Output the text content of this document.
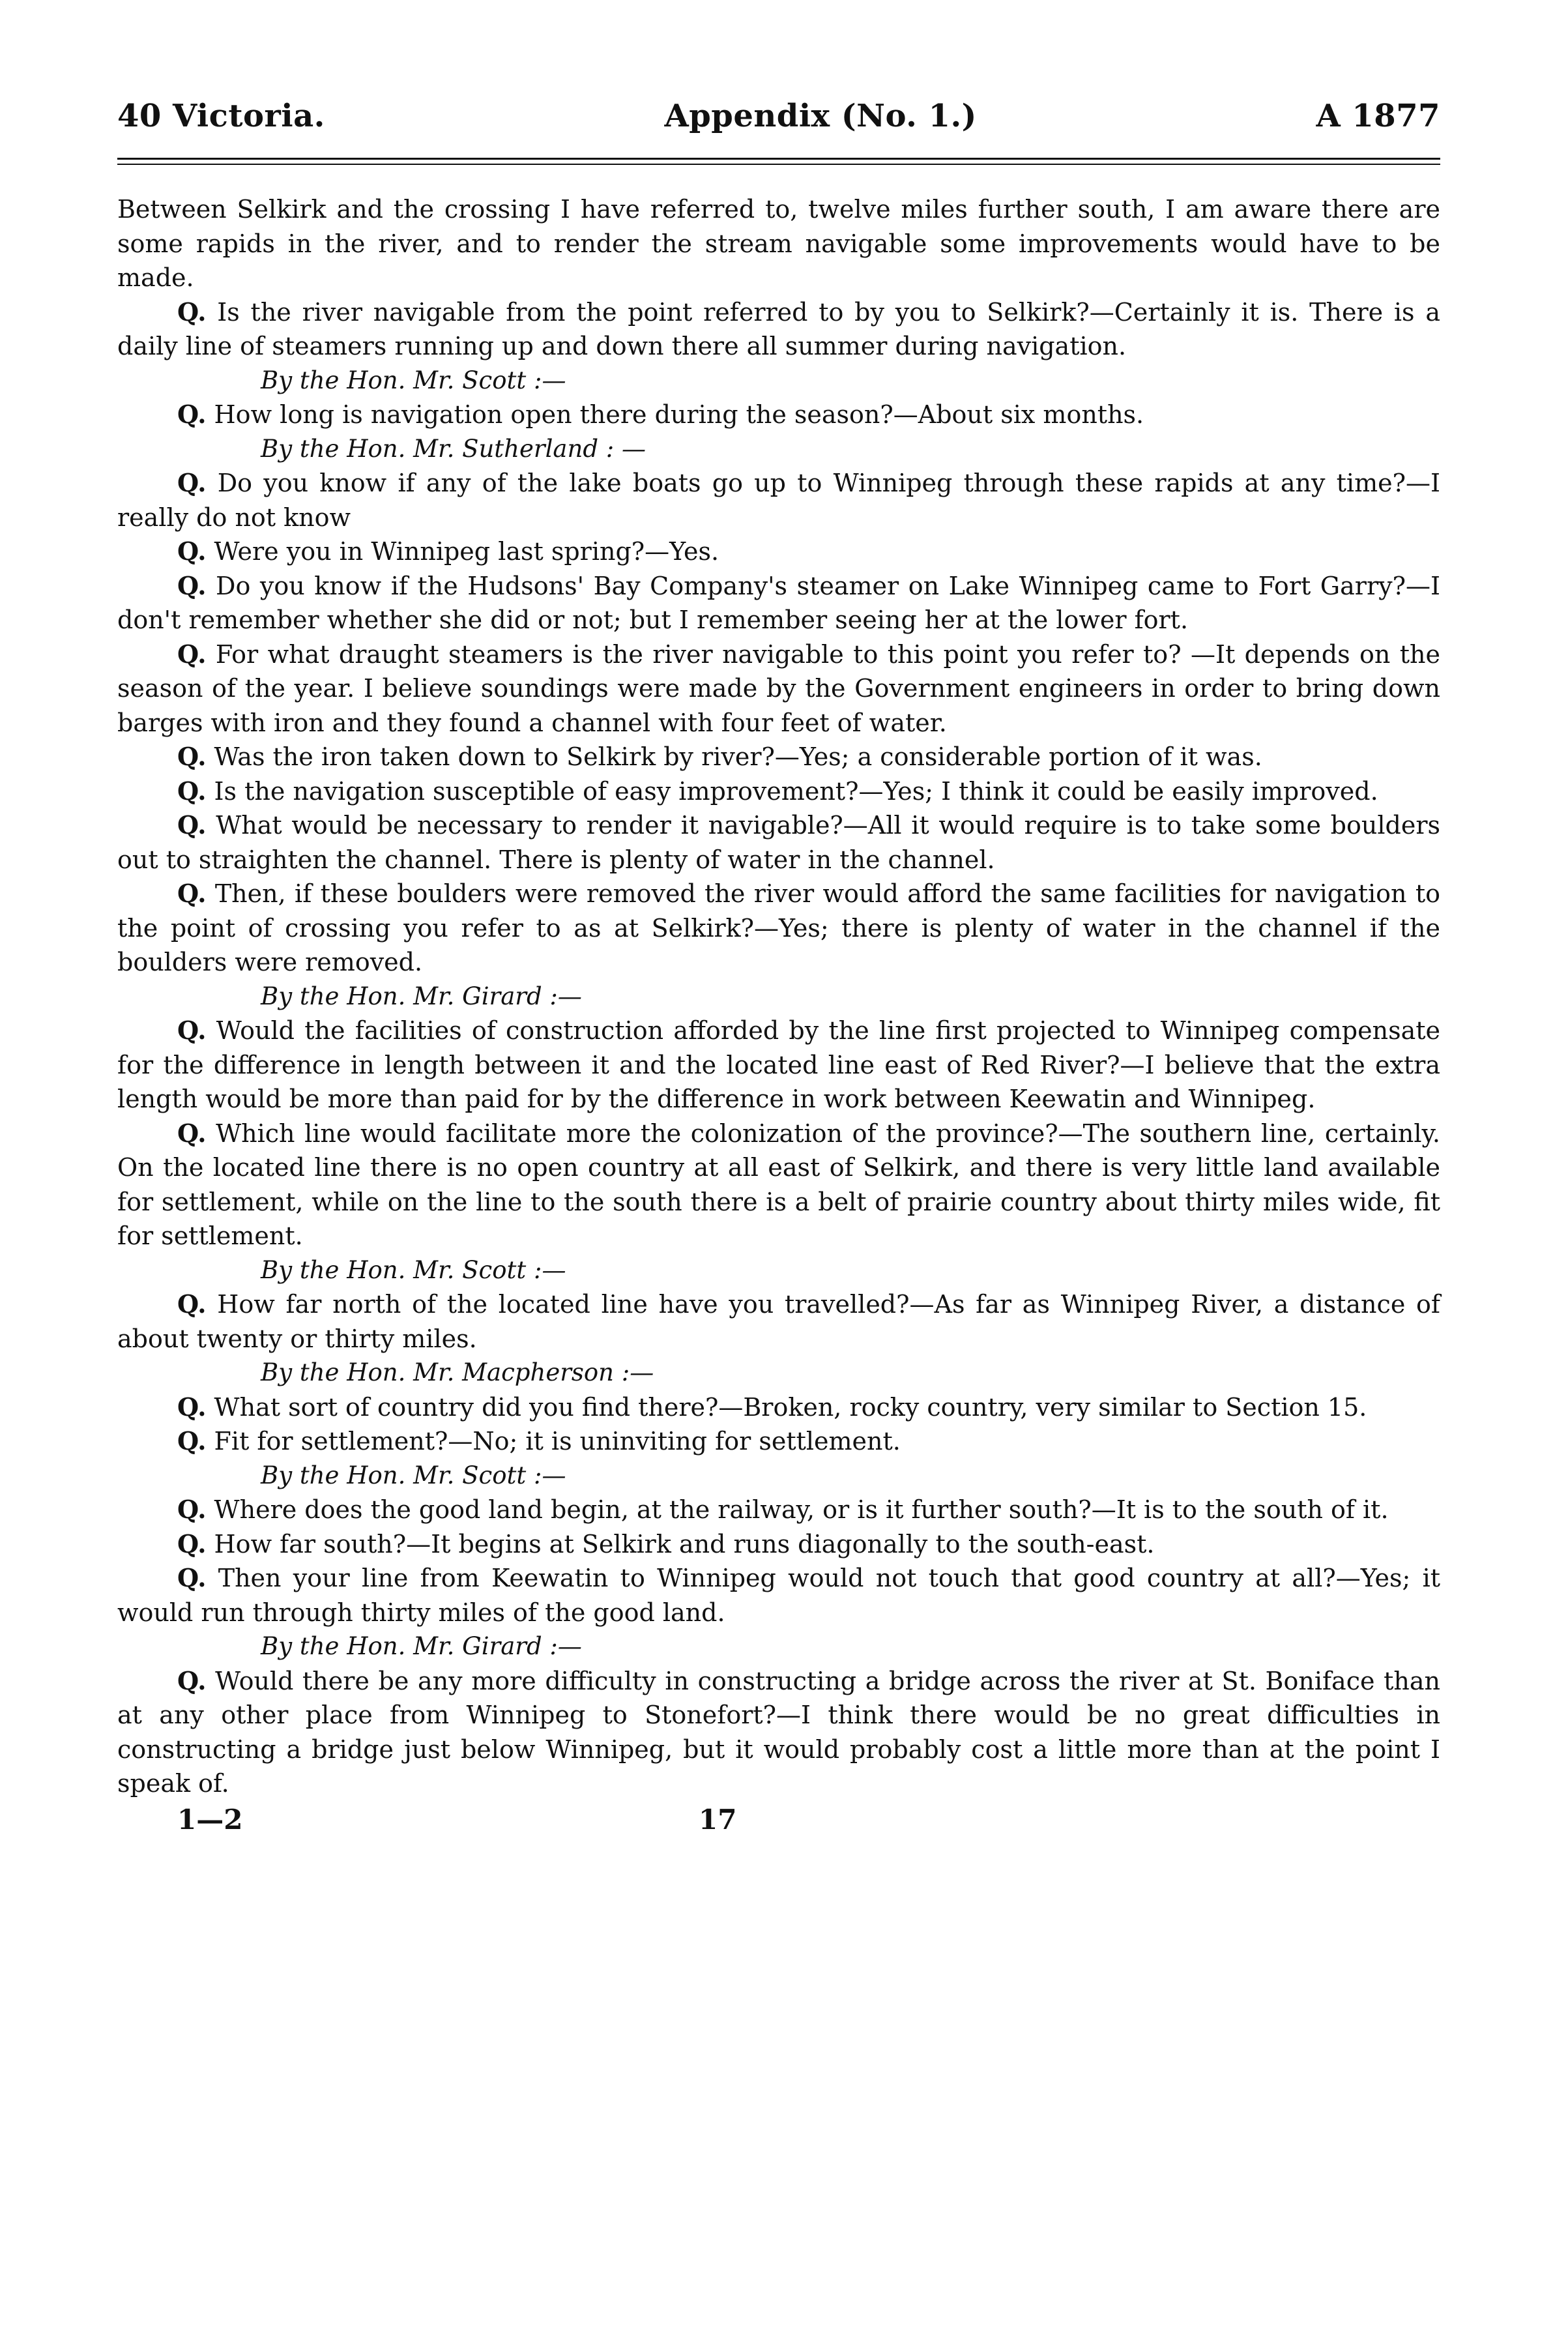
40 Victoria.	Appendix (No. 1.)	A 1877

Between Selkirk and the crossing I have referred to, twelve miles further south, I am aware there are some rapids in the river, and to render the stream navigable some improvements would have to be made.

Q. Is the river navigable from the point referred to by you to Selkirk?—Certainly it is. There is a daily line of steamers running up and down there all summer during navigation.

By the Hon. Mr. Scott :—

Q. How long is navigation open there during the season?—About six months.

By the Hon. Mr. Sutherland : —

Q. Do you know if any of the lake boats go up to Winnipeg through these rapids at any time?—I really do not know

Q. Were you in Winnipeg last spring?—Yes.

Q. Do you know if the Hudsons' Bay Company's steamer on Lake Winnipeg came to Fort Garry?—I don't remember whether she did or not; but I remember seeing her at the lower fort.

Q. For what draught steamers is the river navigable to this point you refer to? —It depends on the season of the year. I believe soundings were made by the Government engineers in order to bring down barges with iron and they found a channel with four feet of water.

Q. Was the iron taken down to Selkirk by river?—Yes; a considerable portion of it was.

Q. Is the navigation susceptible of easy improvement?—Yes; I think it could be easily improved.

Q. What would be necessary to render it navigable?—All it would require is to take some boulders out to straighten the channel. There is plenty of water in the channel.

Q. Then, if these boulders were removed the river would afford the same facilities for navigation to the point of crossing you refer to as at Selkirk?—Yes; there is plenty of water in the channel if the boulders were removed.

By the Hon. Mr. Girard :—

Q. Would the facilities of construction afforded by the line first projected to Winnipeg compensate for the difference in length between it and the located line east of Red River?—I believe that the extra length would be more than paid for by the difference in work between Keewatin and Winnipeg.

Q. Which line would facilitate more the colonization of the province?—The southern line, certainly. On the located line there is no open country at all east of Selkirk, and there is very little land available for settlement, while on the line to the south there is a belt of prairie country about thirty miles wide, fit for settlement.

By the Hon. Mr. Scott :—

Q. How far north of the located line have you travelled?—As far as Winnipeg River, a distance of about twenty or thirty miles.

By the Hon. Mr. Macpherson :—

Q. What sort of country did you find there?—Broken, rocky country, very similar to Section 15.

Q. Fit for settlement?—No; it is uninviting for settlement.

By the Hon. Mr. Scott :—

Q. Where does the good land begin, at the railway, or is it further south?—It is to the south of it.

Q. How far south?—It begins at Selkirk and runs diagonally to the south-east.

Q. Then your line from Keewatin to Winnipeg would not touch that good country at all?—Yes; it would run through thirty miles of the good land.

By the Hon. Mr. Girard :—

Q. Would there be any more difficulty in constructing a bridge across the river at St. Boniface than at any other place from Winnipeg to Stonefort?—I think there would be no great difficulties in constructing a bridge just below Winnipeg, but it would probably cost a little more than at the point I speak of.

1—2	17
